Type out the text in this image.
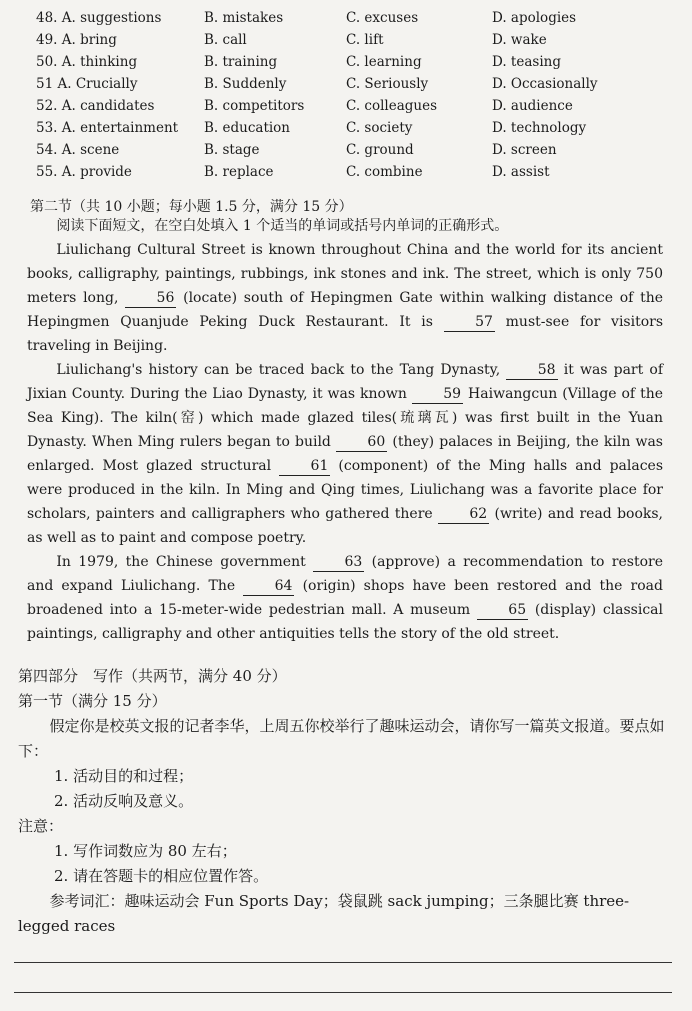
48. A. suggestions	B. mistakes	C. excuses	D. apologies
49. A. bring	B. call	C. lift	D. wake
50. A. thinking	B. training	C. learning	D. teasing
51 A. Crucially	B. Suddenly	C. Seriously	D. Occasionally
52. A. candidates	B. competitors	C. colleagues	D. audience
53. A. entertainment B. education	C. society	D. technology
54. A. scene	B. stage	C. ground	D. screen
55. A. provide	B. replace	C. combine	D. assist
第二节（共 10 小题；每小题 1.5 分，满分 15 分）

阅读下面短文，在空白处填入 1 个适当的单词或括号内单词的正确形式。

Liulichang Cultural Street is known throughout China and the world for its ancient books, calligraphy, paintings, rubbings, ink stones and ink. The street, which is only 750 meters long,	56 (locate) south of Hepingmen Gate within walking distance of the Hepingmen Quanjude Peking Duck Restaurant. It is	57 must-see for visitors traveling in Beijing.

Liulichang's history can be traced back to the Tang Dynasty,	58 it was part of Jixian County. During the Liao Dynasty, it was known	59 Haiwangcun (Village of the Sea King). The kiln(窑) which made glazed tiles(琉璃瓦) was first built in the Yuan Dynasty. When Ming rulers began to build	60 (they) palaces in Beijing, the kiln was enlarged. Most glazed structural	61 (component) of the Ming halls and palaces were produced in the kiln. In Ming and Qing times, Liulichang was a favorite place for scholars, painters and calligraphers who gathered there	62 (write) and read books, as well as to paint and compose poetry.

In 1979, the Chinese government	63 (approve) a recommendation to restore and expand Liulichang. The	64 (origin) shops have been restored and the road broadened into a 15-meter-wide pedestrian mall. A museum	65 (display) classical paintings, calligraphy and other antiquities tells the story of the old street.

第四部分　写作（共两节，满分 40 分）

第一节（满分 15 分）

假定你是校英文报的记者李华，上周五你校举行了趣味运动会，请你写一篇英文报道。要点如下：

1. 活动目的和过程；

2. 活动反响及意义。

注意：

1. 写作词数应为 80 左右；

2. 请在答题卡的相应位置作答。

参考词汇：趣味运动会 Fun Sports Day；袋鼠跳 sack jumping；三条腿比赛 three-legged races
